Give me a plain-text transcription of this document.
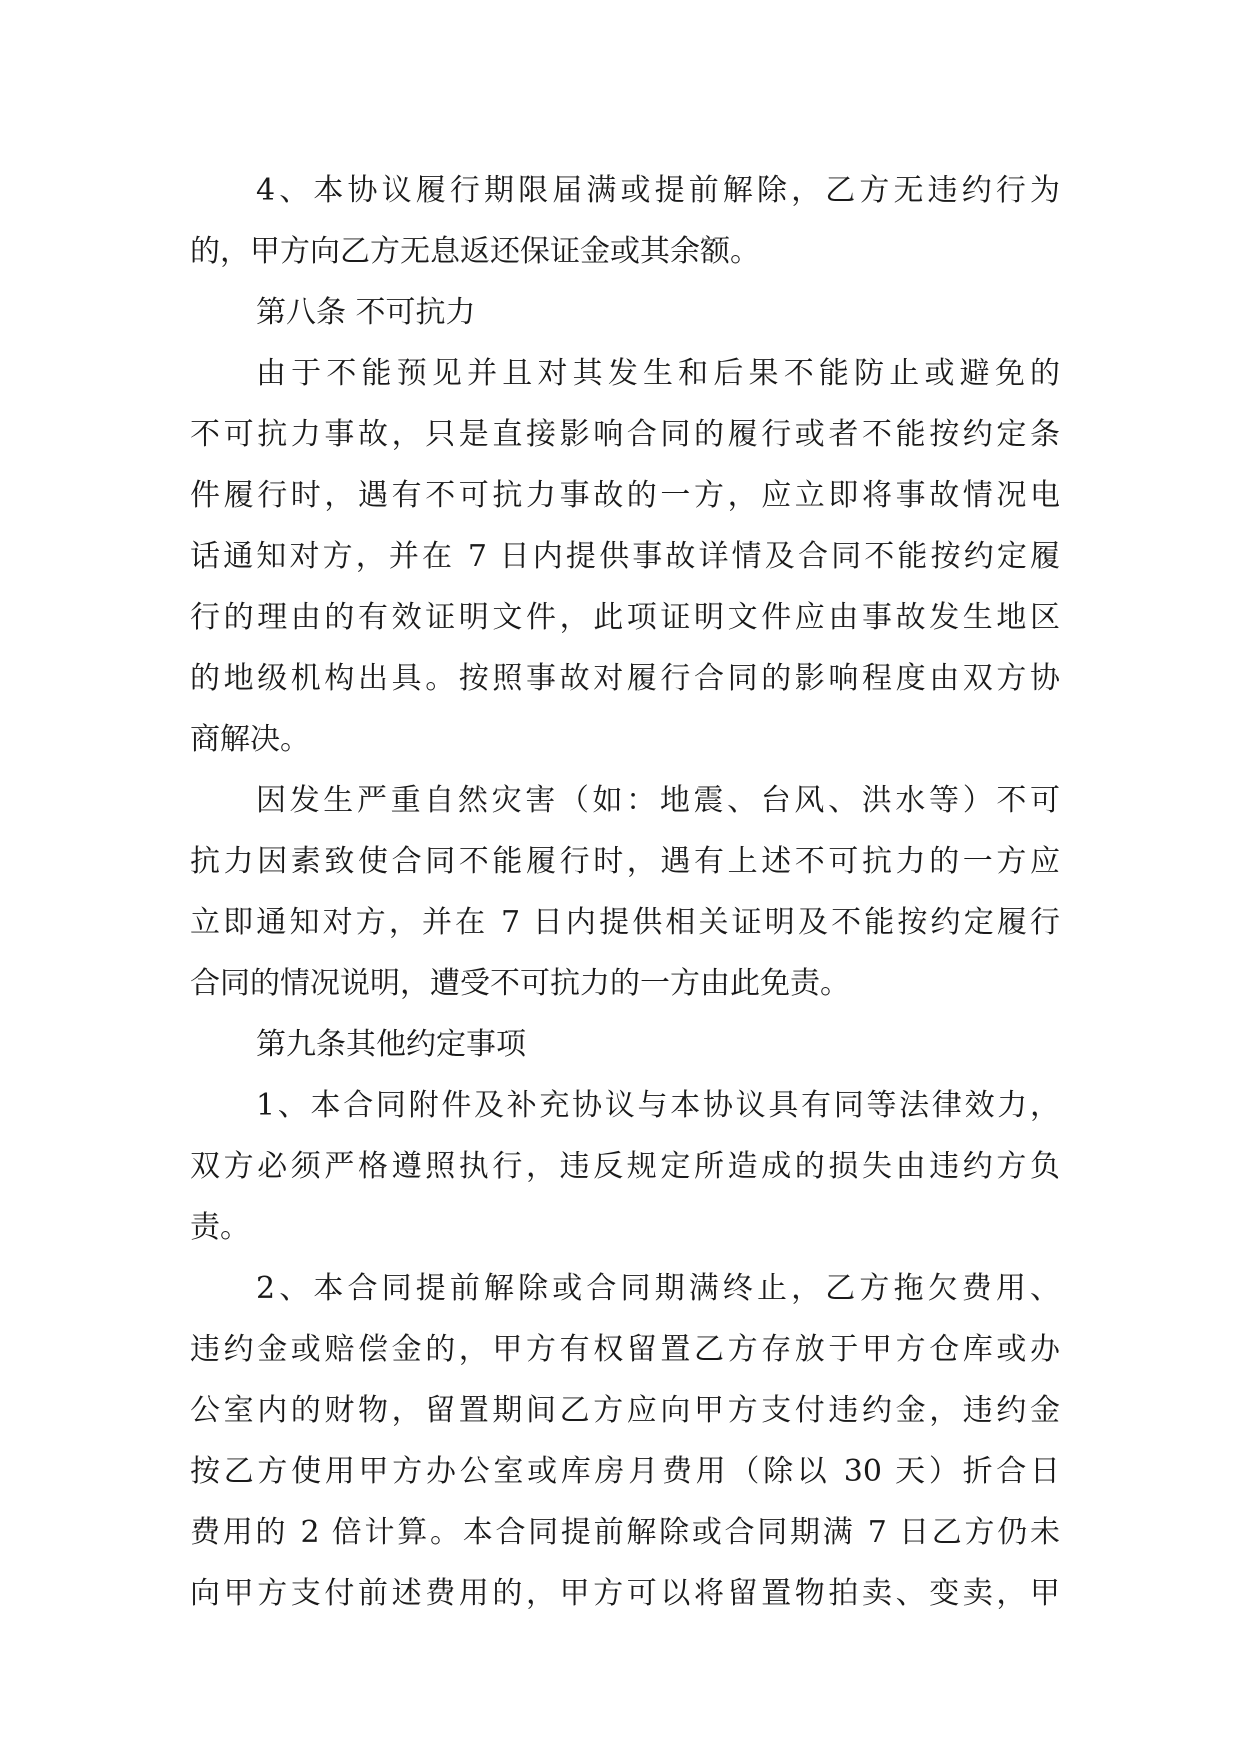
4、本协议履行期限届满或提前解除，乙方无违约行为
的，甲方向乙方无息返还保证金或其余额。
第八条 不可抗力
由于不能预见并且对其发生和后果不能防止或避免的
不可抗力事故，只是直接影响合同的履行或者不能按约定条
件履行时，遇有不可抗力事故的一方，应立即将事故情况电
话通知对方，并在 7 日内提供事故详情及合同不能按约定履
行的理由的有效证明文件，此项证明文件应由事故发生地区
的地级机构出具。按照事故对履行合同的影响程度由双方协
商解决。
因发生严重自然灾害（如：地震、台风、洪水等）不可
抗力因素致使合同不能履行时，遇有上述不可抗力的一方应
立即通知对方，并在 7 日内提供相关证明及不能按约定履行
合同的情况说明，遭受不可抗力的一方由此免责。
第九条其他约定事项
1、本合同附件及补充协议与本协议具有同等法律效力，
双方必须严格遵照执行，违反规定所造成的损失由违约方负
责。
2、本合同提前解除或合同期满终止，乙方拖欠费用、
违约金或赔偿金的，甲方有权留置乙方存放于甲方仓库或办
公室内的财物，留置期间乙方应向甲方支付违约金，违约金
按乙方使用甲方办公室或库房月费用（除以 30 天）折合日
费用的 2 倍计算。本合同提前解除或合同期满 7 日乙方仍未
向甲方支付前述费用的，甲方可以将留置物拍卖、变卖，甲
